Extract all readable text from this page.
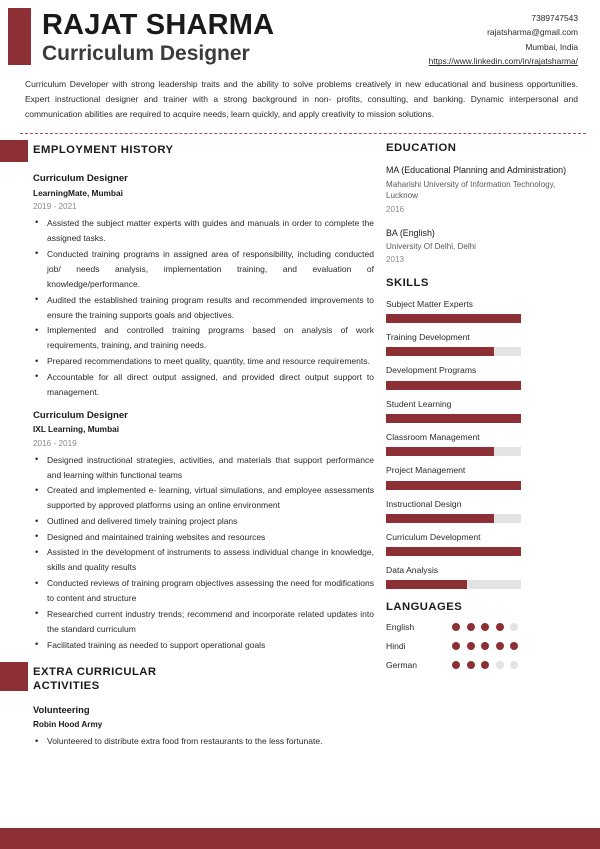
RAJAT SHARMA
Curriculum Designer
7389747543
rajatsharma@gmail.com
Mumbai, India
https://www.linkedin.com/in/rajatsharma/
Curriculum Developer with strong leadership traits and the ability to solve problems creatively in new educational and business opportunities. Expert instructional designer and trainer with a strong background in non- profits, consulting, and banking. Dynamic interpersonal and communication abilities are required to acquire needs, learn quickly, and apply creativity to mission solutions.
EMPLOYMENT HISTORY
Curriculum Designer
LearningMate, Mumbai
2019 - 2021
• Assisted the subject matter experts with guides and manuals in order to complete the assigned tasks.
• Conducted training programs in assigned area of responsibility, including conducted job/ needs analysis, implementation training, and evaluation of knowledge/performance.
• Audited the established training program results and recommended improvements to ensure the training supports goals and objectives.
• Implemented and controlled training programs based on analysis of work requirements, training, and training needs.
• Prepared recommendations to meet quality, quantity, time and resource requirements.
• Accountable for all direct output assigned, and provided direct output support to management.
Curriculum Designer
IXL Learning, Mumbai
2016 - 2019
• Designed instructional strategies, activities, and materials that support performance and learning within functional teams
• Created and implemented e- learning, virtual simulations, and employee assessments supported by approved platforms using an online environment
• Outlined and delivered timely training project plans
• Designed and maintained training websites and resources
• Assisted in the development of instruments to assess individual change in knowledge, skills and quality results
• Conducted reviews of training program objectives assessing the need for modifications to content and structure
• Researched current industry trends; recommend and incorporate related updates into the standard curriculum
• Facilitated training as needed to support operational goals
EXTRA CURRICULAR
ACTIVITIES
Volunteering
Robin Hood Army
• Volunteered to distribute extra food from restaurants to the less fortunate.
EDUCATION
MA (Educational Planning and Administration)
Maharishi University of Information Technology, Lucknow
2016
BA (English)
University Of Delhi, Delhi
2013
SKILLS
Subject Matter Experts
Training Development
Development Programs
Student Learning
Classroom Management
Project Management
Instructional Design
Curriculum Development
Data Analysis
LANGUAGES
English
Hindi
German
